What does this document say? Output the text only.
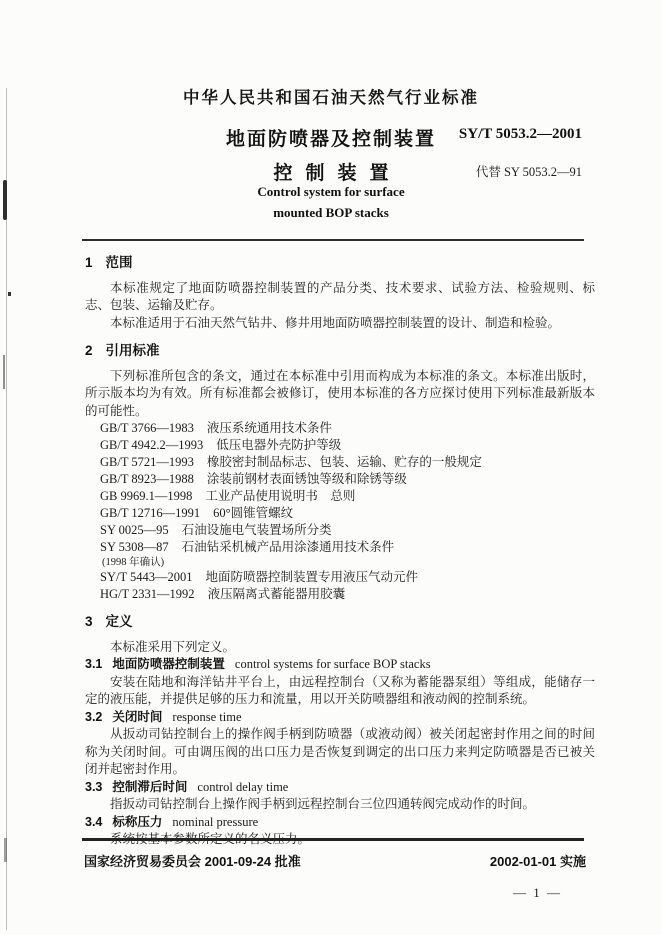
中华人民共和国石油天然气行业标准
地面防喷器及控制装置
控制装置
SY/T 5053.2—2001
代替 SY 5053.2—91
Control system for surface
mounted BOP stacks
1 范围

本标准规定了地面防喷器控制装置的产品分类、技术要求、试验方法、检验规则、标志、包装、运输及贮存。

本标准适用于石油天然气钻井、修井用地面防喷器控制装置的设计、制造和检验。

2 引用标准

下列标准所包含的条文，通过在本标准中引用而构成为本标准的条文。本标准出版时，所示版本均为有效。所有标准都会被修订，使用本标准的各方应探讨使用下列标准最新版本的可能性。

GB/T 3766—1983 液压系统通用技术条件
GB/T 4942.2—1993 低压电器外壳防护等级
GB/T 5721—1993 橡胶密封制品标志、包装、运输、贮存的一般规定
GB/T 8923—1988 涂装前钢材表面锈蚀等级和除锈等级
GB 9969.1—1998 工业产品使用说明书　总则
GB/T 12716—1991 60°圆锥管螺纹
SY 0025—95 石油设施电气装置场所分类
SY 5308—87 石油钻采机械产品用涂漆通用技术条件
(1998 年确认)
SY/T 5443—2001 地面防喷器控制装置专用液压气动元件
HG/T 2331—1992 液压隔离式蓄能器用胶囊
3 定义

本标准采用下列定义。

3.1 地面防喷器控制装置 control systems for surface BOP stacks

安装在陆地和海洋钻井平台上，由远程控制台（又称为蓄能器泵组）等组成，能储存一定的液压能，并提供足够的压力和流量，用以开关防喷器组和液动阀的控制系统。

3.2 关闭时间 response time

从扳动司钻控制台上的操作阀手柄到防喷器（或液动阀）被关闭起密封作用之间的时间称为关闭时间。可由调压阀的出口压力是否恢复到调定的出口压力来判定防喷器是否已被关闭并起密封作用。

3.3 控制滞后时间 control delay time

指扳动司钻控制台上操作阀手柄到远程控制台三位四通转阀完成动作的时间。

3.4 标称压力 nominal pressure

国家经济贸易委员会 2001-09-24 批准	2002-01-01 实施
— 1 —
